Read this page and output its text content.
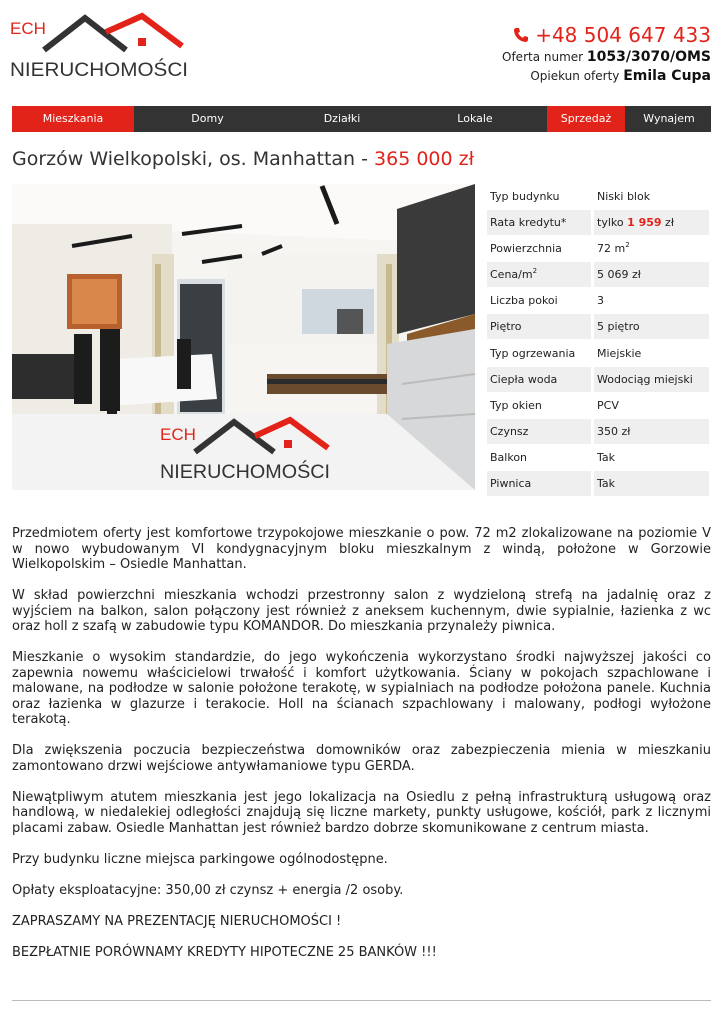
ECH
NIERUCHOMOŚCI
+48 504 647 433
Oferta numer 1053/3070/OMS
Opiekun oferty Emila Cupa
Mieszkania	Domy	Działki	Lokale	Sprzedaż	Wynajem
Gorzów Wielkopolski, os. Manhattan - 365 000 zł
ECH
NIERUCHOMOŚCI
Typ budynku	Niski blok
Rata kredytu*	tylko 1 959 zł
Powierzchnia	72 $m^2$
Cena/$m^2$	5 069 zł
Liczba pokoi	3
Piętro	5 piętro
Typ ogrzewania	Miejskie
Ciepła woda	Wodociąg miejski
Typ okien	PCV
Czynsz	350 zł
Balkon	Tak
Piwnica	Tak

Przedmiotem oferty jest komfortowe trzypokojowe mieszkanie o pow. 72 m2 zlokalizowane na poziomie V w nowo wybudowanym VI kondygnacyjnym bloku mieszkalnym z windą, położone w Gorzowie Wielkopolskim – Osiedle Manhattan.

W skład powierzchni mieszkania wchodzi przestronny salon z wydzieloną strefą na jadalnię oraz z wyjściem na balkon, salon połączony jest również z aneksem kuchennym, dwie sypialnie, łazienka z wc oraz holl z szafą w zabudowie typu KOMANDOR. Do mieszkania przynależy piwnica.

Mieszkanie o wysokim standardzie, do jego wykończenia wykorzystano środki najwyższej jakości co zapewnia nowemu właścicielowi trwałość i komfort użytkowania. Ściany w pokojach szpachlowane i malowane, na podłodze w salonie położone terakotę, w sypialniach na podłodze położona panele. Kuchnia oraz łazienka w glazurze i terakocie. Holl na ścianach szpachlowany i malowany, podłogi wyłożone terakotą.

Dla zwiększenia poczucia bezpieczeństwa domowników oraz zabezpieczenia mienia w mieszkaniu zamontowano drzwi wejściowe antywłamaniowe typu GERDA.

Niewątpliwym atutem mieszkania jest jego lokalizacja na Osiedlu z pełną infrastrukturą usługową oraz handlową, w niedalekiej odległości znajdują się liczne markety, punkty usługowe, kościół, park z licznymi placami zabaw. Osiedle Manhattan jest również bardzo dobrze skomunikowane z centrum miasta.

Przy budynku liczne miejsca parkingowe ogólnodostępne.

Opłaty eksploatacyjne: 350,00 zł czynsz + energia /2 osoby.

ZAPRASZAMY NA PREZENTACJĘ NIERUCHOMOŚCI !

BEZPŁATNIE PORÓWNAMY KREDYTY HIPOTECZNE 25 BANKÓW !!!
